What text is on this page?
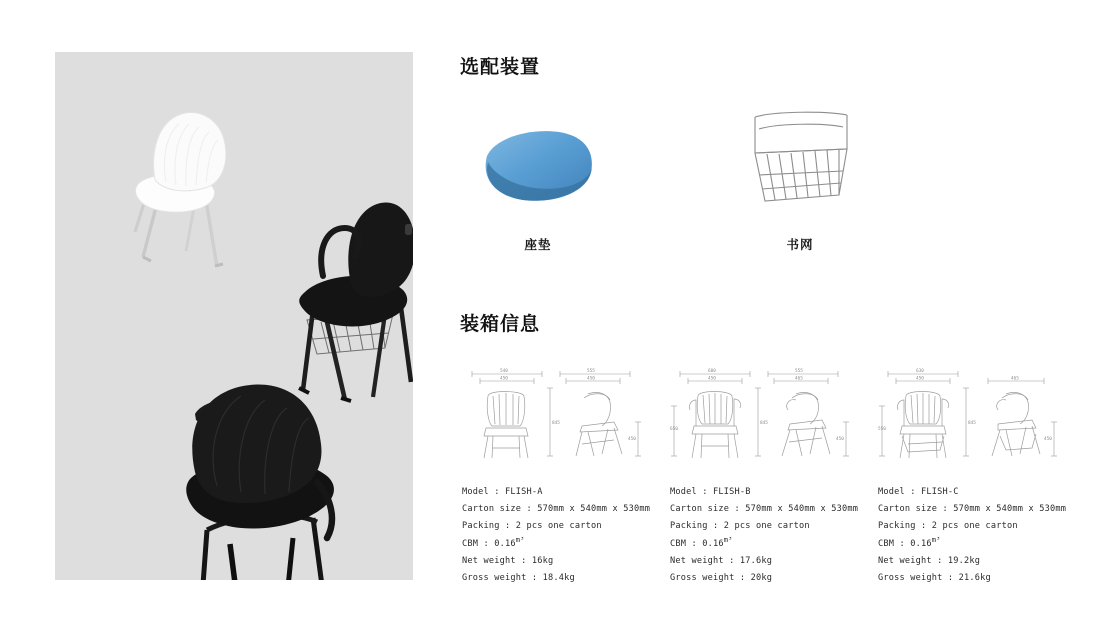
选配装置
座垫	书网
装箱信息
540
450
555
450
845
450
Model : FLISH-A
Carton size : 570mm x 540mm x 530mm
Packing : 2 pcs one carton
CBM : $0.16^{m^3}$
Net weight : 16kg
Gross weight : 18.4kg
600
450
555
465
650
845
450
Model : FLISH-B
Carton size : 570mm x 540mm x 530mm
Packing : 2 pcs one carton
CBM : $0.16^{m^3}$
Net weight : 17.6kg
Gross weight : 20kg
630
450	465
550
845
450
Model : FLISH-C
Carton size : 570mm x 540mm x 530mm
Packing : 2 pcs one carton
CBM : $0.16^{m^3}$
Net weight : 19.2kg
Gross weight : 21.6kg
